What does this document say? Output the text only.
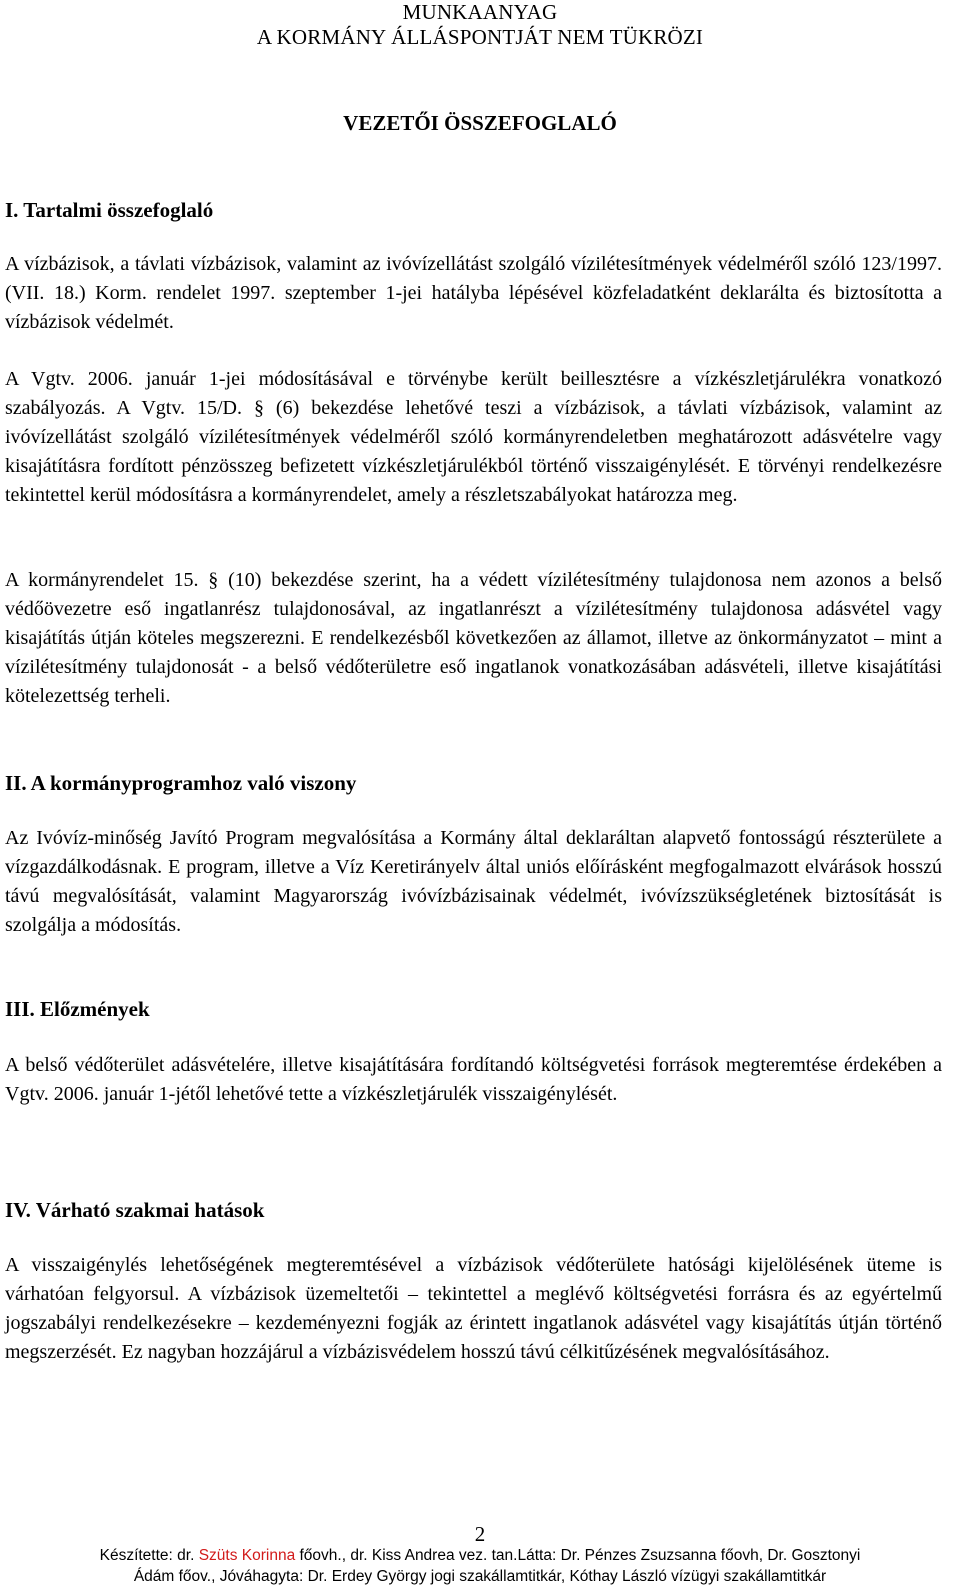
MUNKAANYAG
A KORMÁNY ÁLLÁSPONTJÁT NEM TÜKRÖZI
VEZETŐI ÖSSZEFOGLALÓ
I. Tartalmi összefoglaló
A vízbázisok, a távlati vízbázisok, valamint az ivóvízellátást szolgáló vízilétesítmények védelméről szóló 123/1997. (VII. 18.) Korm. rendelet 1997. szeptember 1-jei hatályba lépésével közfeladatként deklarálta és biztosította a vízbázisok védelmét.
A Vgtv. 2006. január 1-jei módosításával e törvénybe került beillesztésre a vízkészletjárulékra vonatkozó szabályozás. A Vgtv. 15/D. § (6) bekezdése lehetővé teszi a vízbázisok, a távlati vízbázisok, valamint az ivóvízellátást szolgáló vízilétesítmények védelméről szóló kormányrendeletben meghatározott adásvételre vagy kisajátításra fordított pénzösszeg befizetett vízkészletjárulékból történő visszaigénylését. E törvényi rendelkezésre tekintettel kerül módosításra a kormányrendelet, amely a részletszabályokat határozza meg.
A kormányrendelet 15. § (10) bekezdése szerint, ha a védett vízilétesítmény tulajdonosa nem azonos a belső védőövezetre eső ingatlanrész tulajdonosával, az ingatlanrészt a vízilétesítmény tulajdonosa adásvétel vagy kisajátítás útján köteles megszerezni. E rendelkezésből következően az államot, illetve az önkormányzatot – mint a vízilétesítmény tulajdonosát - a belső védőterületre eső ingatlanok vonatkozásában adásvételi, illetve kisajátítási kötelezettség terheli.
II. A kormányprogramhoz való viszony
Az Ivóvíz-minőség Javító Program megvalósítása a Kormány által deklaráltan alapvető fontosságú részterülete a vízgazdálkodásnak. E program, illetve a Víz Keretirányelv által uniós előírásként megfogalmazott elvárások hosszú távú megvalósítását, valamint Magyarország ivóvízbázisainak védelmét, ivóvízszükségletének biztosítását is szolgálja a módosítás.
III. Előzmények
A belső védőterület adásvételére, illetve kisajátítására fordítandó költségvetési források megteremtése érdekében a Vgtv. 2006. január 1-jétől lehetővé tette a vízkészletjárulék visszaigénylését.
IV. Várható szakmai hatások
A visszaigénylés lehetőségének megteremtésével a vízbázisok védőterülete hatósági kijelölésének üteme is várhatóan felgyorsul. A vízbázisok üzemeltetői – tekintettel a meglévő költségvetési forrásra és az egyértelmű jogszabályi rendelkezésekre – kezdeményezni fogják az érintett ingatlanok adásvétel vagy kisajátítás útján történő megszerzését. Ez nagyban hozzájárul a vízbázisvédelem hosszú távú célkitűzésének megvalósításához.
2
Készítette: dr. Szüts Korinna főovh., dr. Kiss Andrea vez. tan.Látta: Dr. Pénzes Zsuzsanna főovh, Dr. Gosztonyi
Ádám főov., Jóváhagyta: Dr. Erdey György jogi szakállamtitkár, Kóthay László vízügyi szakállamtitkár
